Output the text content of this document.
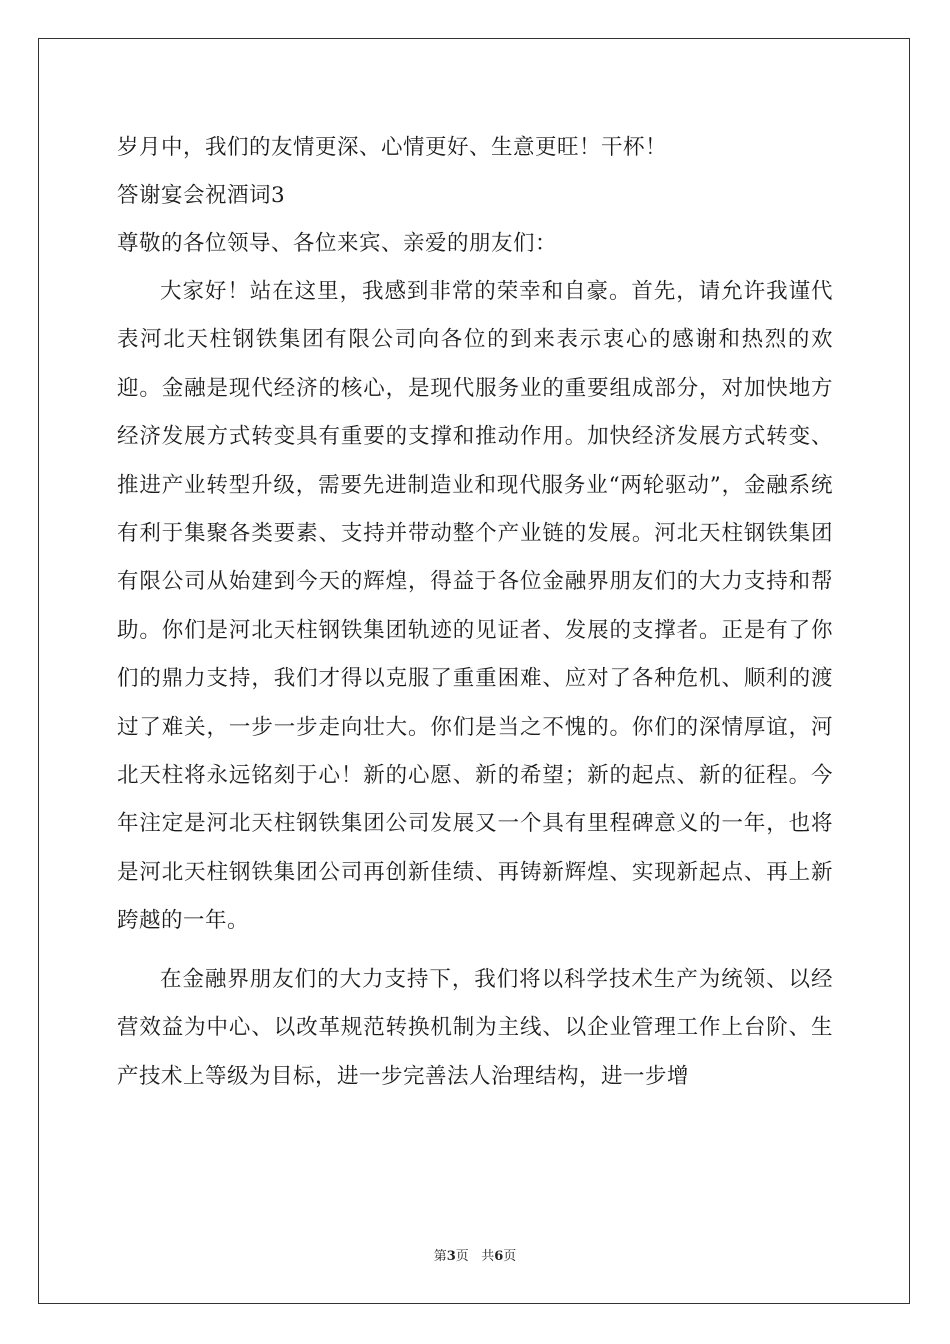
岁月中，我们的友情更深、心情更好、生意更旺！干杯！
答谢宴会祝酒词3
尊敬的各位领导、各位来宾、亲爱的朋友们：

大家好！站在这里，我感到非常的荣幸和自豪。首先，请允许我谨代表河北天柱钢铁集团有限公司向各位的到来表示衷心的感谢和热烈的欢迎。金融是现代经济的核心，是现代服务业的重要组成部分，对加快地方经济发展方式转变具有重要的支撑和推动作用。加快经济发展方式转变、推进产业转型升级，需要先进制造业和现代服务业“两轮驱动”，金融系统有利于集聚各类要素、支持并带动整个产业链的发展。河北天柱钢铁集团有限公司从始建到今天的辉煌，得益于各位金融界朋友们的大力支持和帮助。你们是河北天柱钢铁集团轨迹的见证者、发展的支撑者。正是有了你们的鼎力支持，我们才得以克服了重重困难、应对了各种危机、顺利的渡过了难关，一步一步走向壮大。你们是当之不愧的。你们的深情厚谊，河北天柱将永远铭刻于心！新的心愿、新的希望；新的起点、新的征程。今年注定是河北天柱钢铁集团公司发展又一个具有里程碑意义的一年，也将是河北天柱钢铁集团公司再创新佳绩、再铸新辉煌、实现新起点、再上新跨越的一年。

在金融界朋友们的大力支持下，我们将以科学技术生产为统领、以经营效益为中心、以改革规范转换机制为主线、以企业管理工作上台阶、生产技术上等级为目标，进一步完善法人治理结构，进一步增

第3页 共6页
